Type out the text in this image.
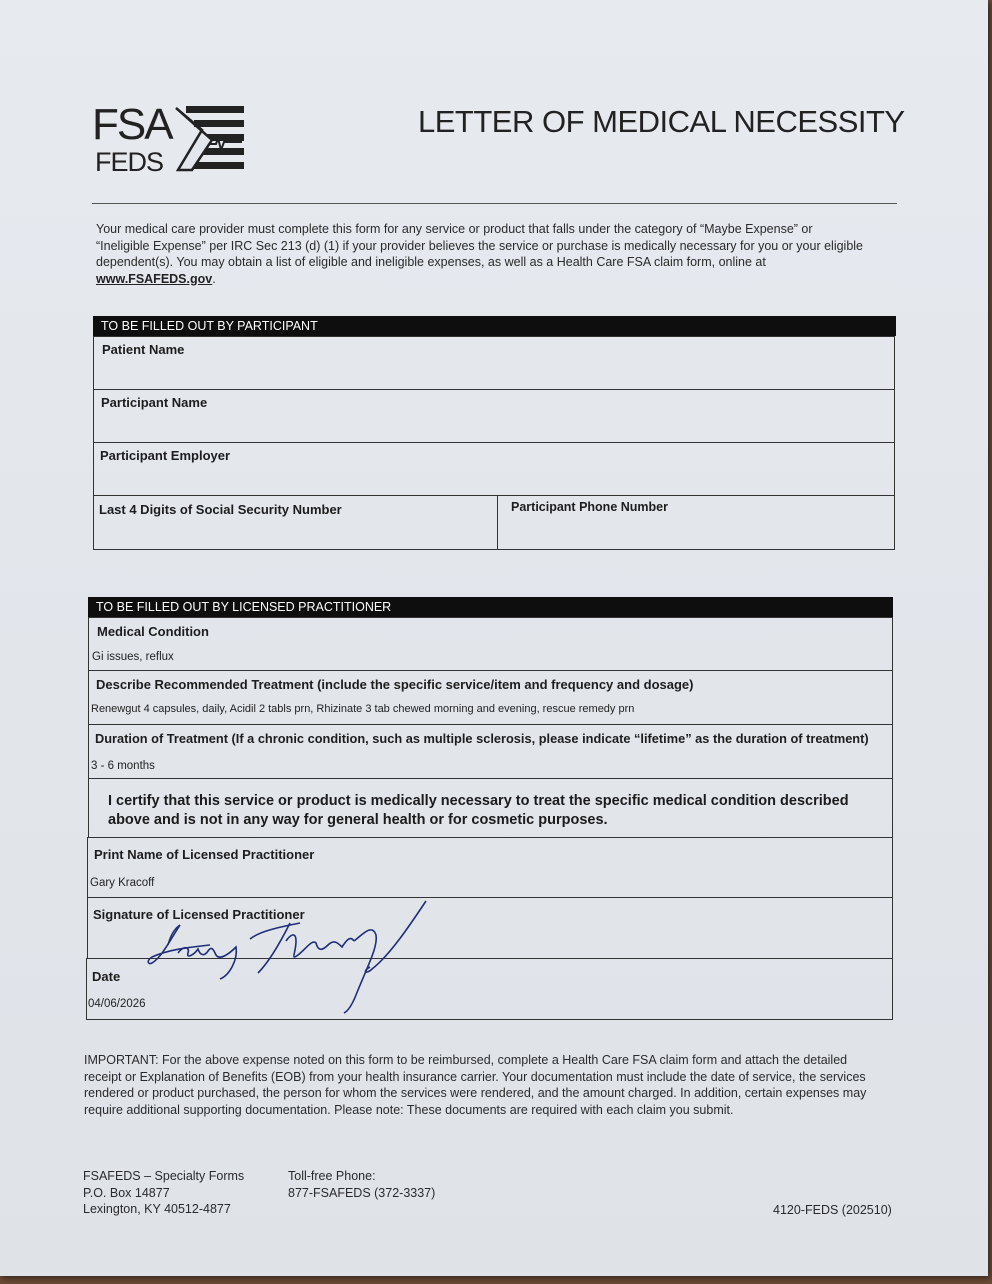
FSA
FEDS
LETTER OF MEDICAL NECESSITY
Your medical care provider must complete this form for any service or product that falls under the category of “Maybe Expense” or “Ineligible Expense” per IRC Sec 213 (d) (1) if your provider believes the service or purchase is medically necessary for you or your eligible dependent(s). You may obtain a list of eligible and ineligible expenses, as well as a Health Care FSA claim form, online at www.FSAFEDS.gov.
TO BE FILLED OUT BY PARTICIPANT
Patient Name
Participant Name
Participant Employer
Last 4 Digits of Social Security Number	Participant Phone Number
TO BE FILLED OUT BY LICENSED PRACTITIONER
Medical Condition
Gi issues, reflux
Describe Recommended Treatment (include the specific service/item and frequency and dosage)
Renewgut 4 capsules, daily, Acidil 2 tabls prn, Rhizinate 3 tab chewed morning and evening, rescue remedy prn
Duration of Treatment (If a chronic condition, such as multiple sclerosis, please indicate “lifetime” as the duration of treatment)
3 - 6 months
I certify that this service or product is medically necessary to treat the specific medical condition described above and is not in any way for general health or for cosmetic purposes.
Print Name of Licensed Practitioner
Gary Kracoff
Signature of Licensed Practitioner
Date
04/06/2026
IMPORTANT: For the above expense noted on this form to be reimbursed, complete a Health Care FSA claim form and attach the detailed receipt or Explanation of Benefits (EOB) from your health insurance carrier. Your documentation must include the date of service, the services rendered or product purchased, the person for whom the services were rendered, and the amount charged. In addition, certain expenses may require additional supporting documentation. Please note: These documents are required with each claim you submit.
FSAFEDS – Specialty Forms
P.O. Box 14877
Lexington, KY 40512-4877
Toll-free Phone:
877-FSAFEDS (372-3337)
4120-FEDS (202510)
